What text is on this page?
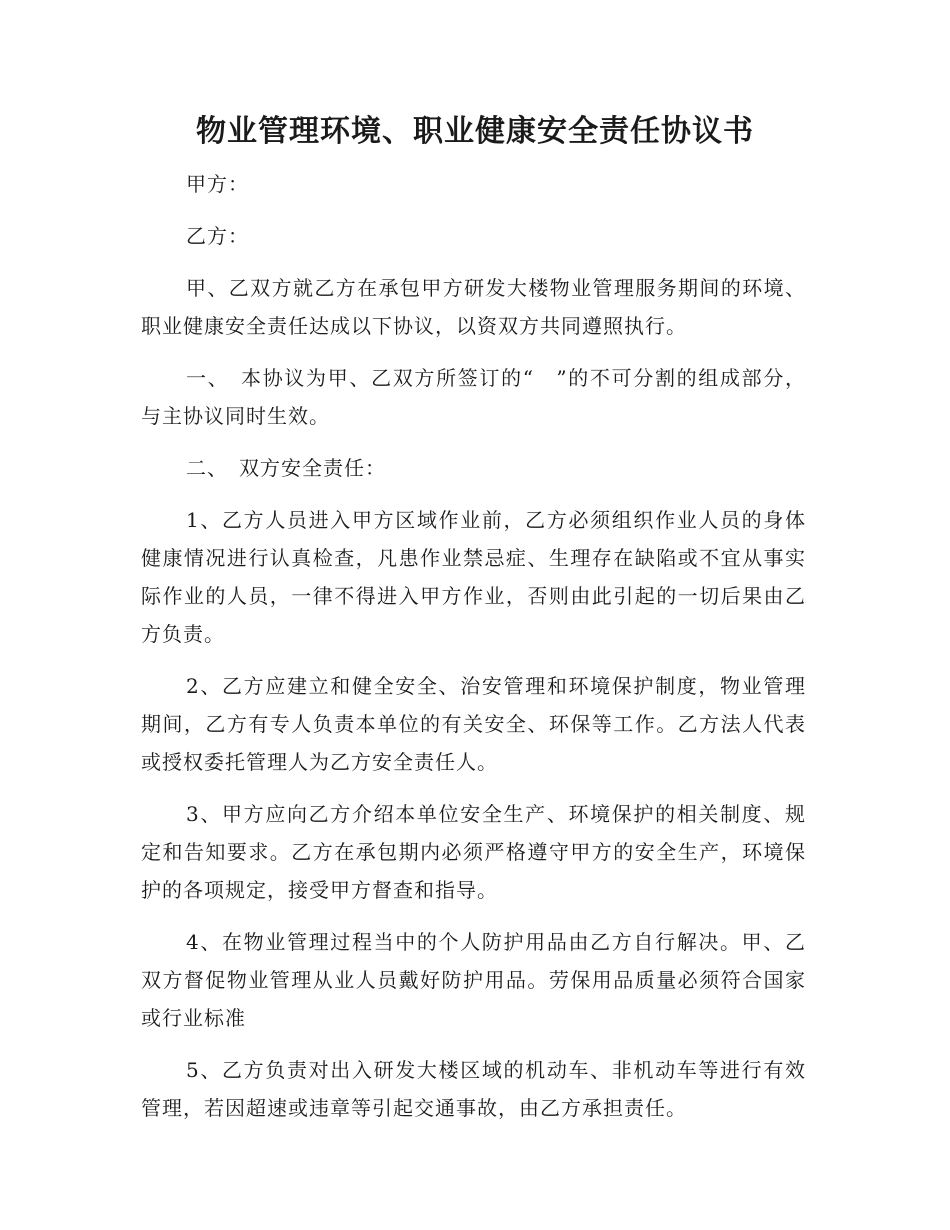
物业管理环境、职业健康安全责任协议书

甲方：

乙方：

甲、乙双方就乙方在承包甲方研发大楼物业管理服务期间的环境、职业健康安全责任达成以下协议，以资双方共同遵照执行。

一、　本协议为甲、乙双方所签订的“　”的不可分割的组成部分，与主协议同时生效。

二、　双方安全责任：

1、乙方人员进入甲方区域作业前，乙方必须组织作业人员的身体健康情况进行认真检查，凡患作业禁忌症、生理存在缺陷或不宜从事实际作业的人员，一律不得进入甲方作业，否则由此引起的一切后果由乙方负责。

2、乙方应建立和健全安全、治安管理和环境保护制度，物业管理期间，乙方有专人负责本单位的有关安全、环保等工作。乙方法人代表或授权委托管理人为乙方安全责任人。

3、甲方应向乙方介绍本单位安全生产、环境保护的相关制度、规定和告知要求。乙方在承包期内必须严格遵守甲方的安全生产，环境保护的各项规定，接受甲方督查和指导。

4、在物业管理过程当中的个人防护用品由乙方自行解决。甲、乙双方督促物业管理从业人员戴好防护用品。劳保用品质量必须符合国家或行业标准

5、乙方负责对出入研发大楼区域的机动车、非机动车等进行有效管理，若因超速或违章等引起交通事故，由乙方承担责任。
